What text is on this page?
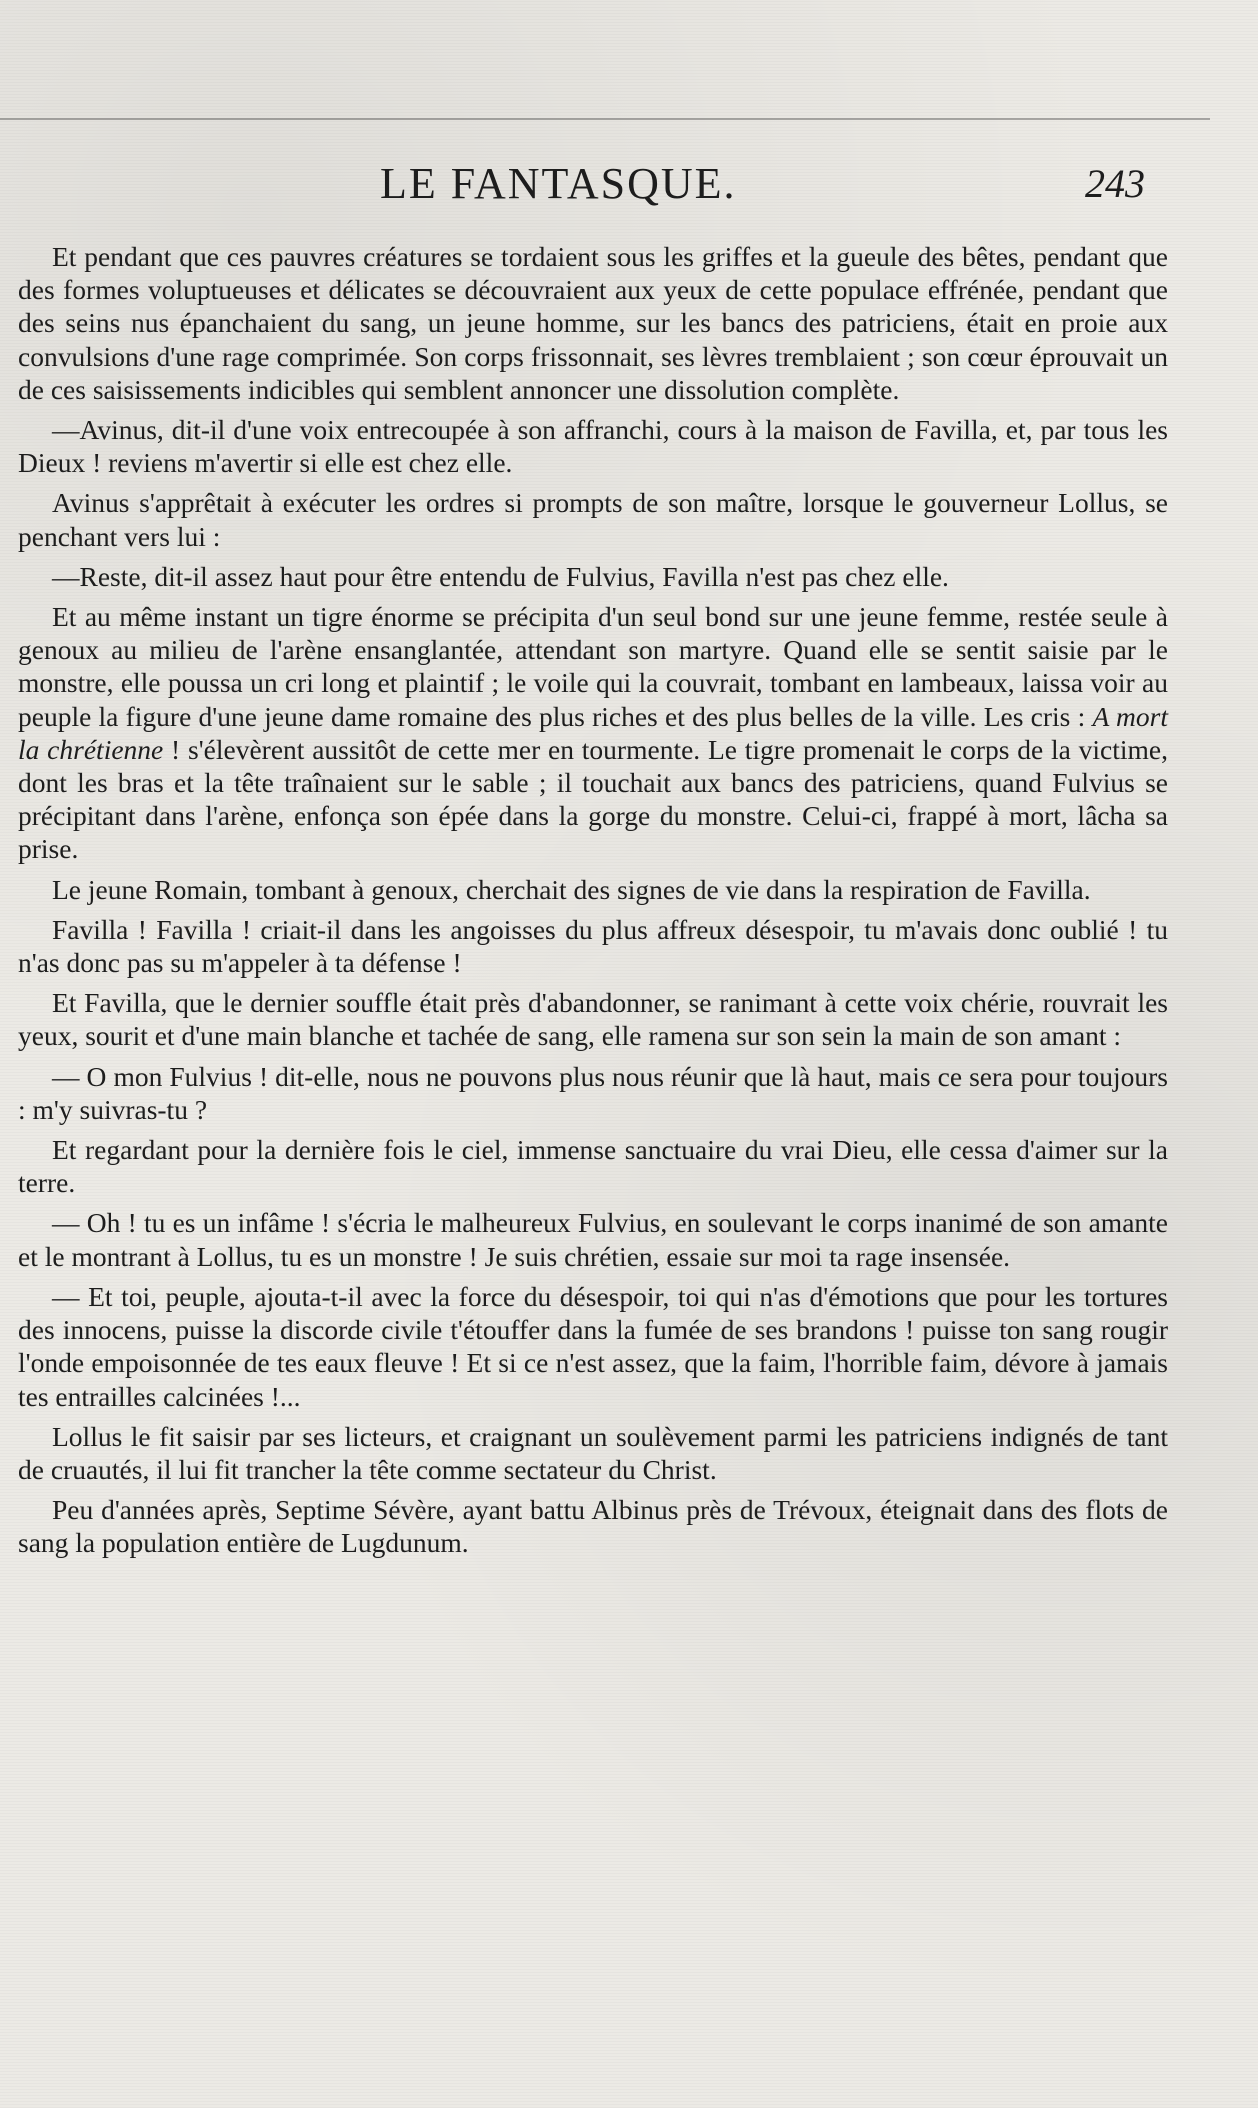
LE FANTASQUE.	243

Et pendant que ces pauvres créatures se tordaient sous les griffes et la gueule des bêtes, pendant que des formes voluptueuses et délicates se découvraient aux yeux de cette populace effrénée, pendant que des seins nus épanchaient du sang, un jeune homme, sur les bancs des patriciens, était en proie aux convulsions d'une rage comprimée. Son corps frissonnait, ses lèvres tremblaient ; son cœur éprouvait un de ces saisissements indicibles qui semblent annoncer une dissolution complète.

—Avinus, dit-il d'une voix entrecoupée à son affranchi, cours à la maison de Favilla, et, par tous les Dieux ! reviens m'avertir si elle est chez elle.

Avinus s'apprêtait à exécuter les ordres si prompts de son maître, lorsque le gouverneur Lollus, se penchant vers lui :

—Reste, dit-il assez haut pour être entendu de Fulvius, Favilla n'est pas chez elle.

Et au même instant un tigre énorme se précipita d'un seul bond sur une jeune femme, restée seule à genoux au milieu de l'arène ensanglantée, attendant son martyre. Quand elle se sentit saisie par le monstre, elle poussa un cri long et plaintif ; le voile qui la couvrait, tombant en lambeaux, laissa voir au peuple la figure d'une jeune dame romaine des plus riches et des plus belles de la ville. Les cris : A mort la chrétienne ! s'élevèrent aussitôt de cette mer en tourmente. Le tigre promenait le corps de la victime, dont les bras et la tête traînaient sur le sable ; il touchait aux bancs des patriciens, quand Fulvius se précipitant dans l'arène, enfonça son épée dans la gorge du monstre. Celui-ci, frappé à mort, lâcha sa prise.

Le jeune Romain, tombant à genoux, cherchait des signes de vie dans la respiration de Favilla.

Favilla ! Favilla ! criait-il dans les angoisses du plus affreux désespoir, tu m'avais donc oublié ! tu n'as donc pas su m'appeler à ta défense !

Et Favilla, que le dernier souffle était près d'abandonner, se ranimant à cette voix chérie, rouvrait les yeux, sourit et d'une main blanche et tachée de sang, elle ramena sur son sein la main de son amant :

— O mon Fulvius ! dit-elle, nous ne pouvons plus nous réunir que là haut, mais ce sera pour toujours : m'y suivras-tu ?

Et regardant pour la dernière fois le ciel, immense sanctuaire du vrai Dieu, elle cessa d'aimer sur la terre.

— Oh ! tu es un infâme ! s'écria le malheureux Fulvius, en soulevant le corps inanimé de son amante et le montrant à Lollus, tu es un monstre ! Je suis chrétien, essaie sur moi ta rage insensée.

— Et toi, peuple, ajouta-t-il avec la force du désespoir, toi qui n'as d'émotions que pour les tortures des innocens, puisse la discorde civile t'étouffer dans la fumée de ses brandons ! puisse ton sang rougir l'onde empoisonnée de tes eaux fleuve ! Et si ce n'est assez, que la faim, l'horrible faim, dévore à jamais tes entrailles calcinées !...

Lollus le fit saisir par ses licteurs, et craignant un soulèvement parmi les patriciens indignés de tant de cruautés, il lui fit trancher la tête comme sectateur du Christ.

Peu d'années après, Septime Sévère, ayant battu Albinus près de Trévoux, éteignait dans des flots de sang la population entière de Lugdunum.
